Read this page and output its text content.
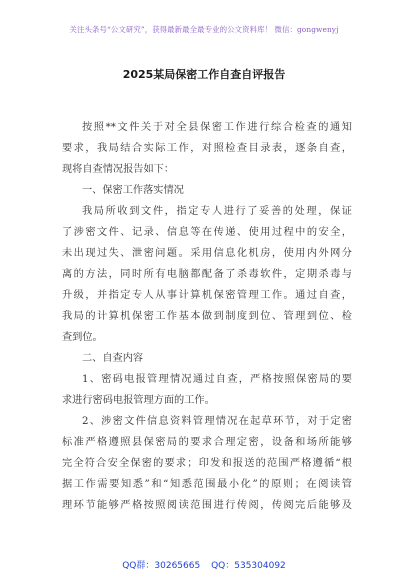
关注头条号“公文研究”，获得最新最全最专业的公文资料库！ 微信：gongwenyj
2025某局保密工作自查自评报告
按照**文件关于对全县保密工作进行综合检查的通知
要求，我局结合实际工作，对照检查目录表，逐条自查，
现将自查情况报告如下：
一、保密工作落实情况
我局所收到文件，指定专人进行了妥善的处理，保证
了涉密文件、记录、信息等在传递、使用过程中的安全，
未出现过失、泄密问题。采用信息化机房，使用内外网分
离的方法，同时所有电脑都配备了杀毒软件，定期杀毒与
升级，并指定专人从事计算机保密管理工作。通过自查，
我局的计算机保密工作基本做到制度到位、管理到位、检
查到位。
二、自查内容
1、密码电报管理情况通过自查，严格按照保密局的要
求进行密码电报管理方面的工作。
2、涉密文件信息资料管理情况在起草环节，对于定密
标准严格遵照县保密局的要求合理定密，设备和场所能够
完全符合安全保密的要求；印发和报送的范围严格遵循“根
据工作需要知悉”和“知悉范围最小化”的原则；在阅读管
理环节能够严格按照阅读范围进行传阅，传阅完后能够及
QQ群：30265665 QQ：535304092
